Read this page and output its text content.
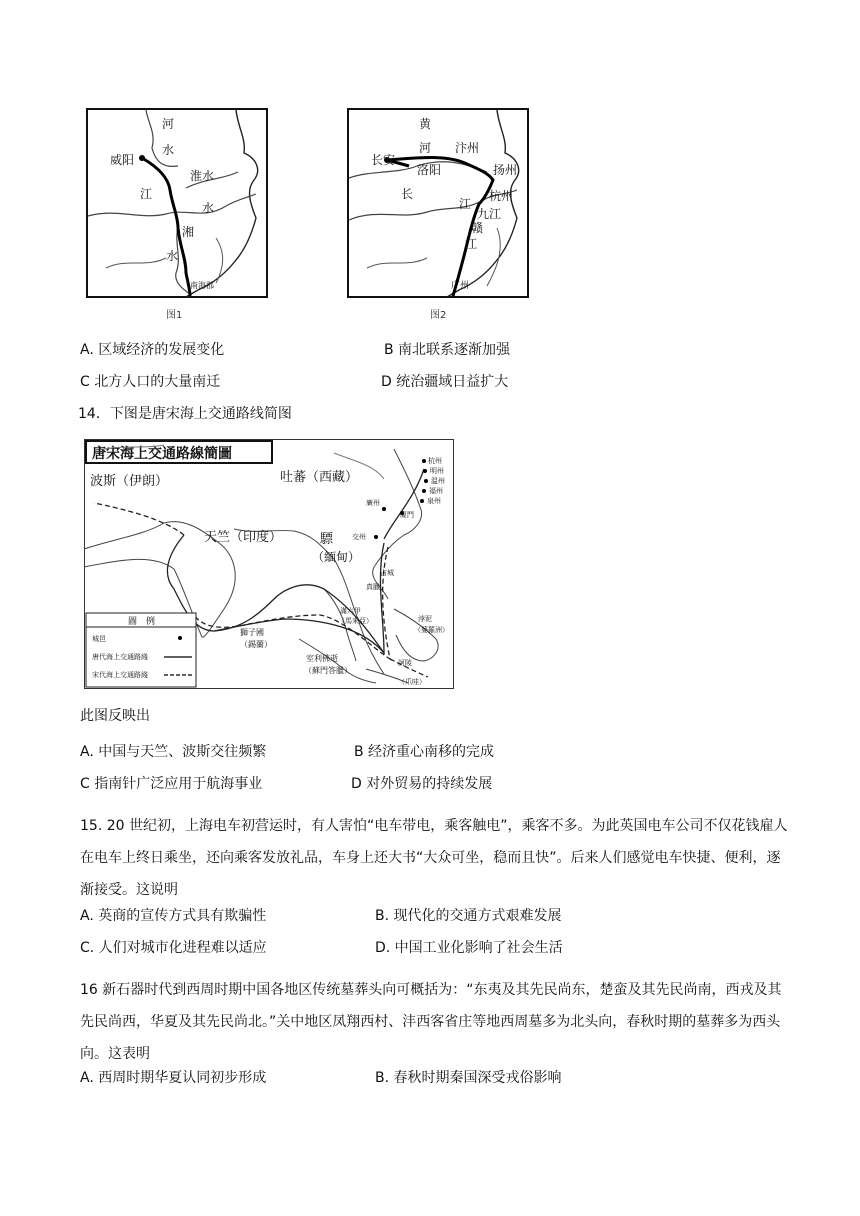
河
水
威阳
淮水
江
水
湘
水
南海郡
图1
黄
河
长安
洛阳
汴州
扬州
长	杭州
江
九江
赣
江
广州
图2
A. 区域经济的发展变化	B 南北联系逐渐加强
C 北方人口的大量南迁	D 统治疆域日益扩大
14．下图是唐宋海上交通路线简图
唐宋海上交通路線簡圖
波斯（伊朗）	吐蕃（西藏）
天竺（印度）	驃
（緬甸）
杭州
明州
温州
福州
泉州
廣州
交州
占城
真臘
廈門
獅子國
（錫蘭）
室利佛逝
（蘇門答臘）
滿六甲
（馬來亞）	浡泥
（婆羅洲）
訶陵
（爪哇）
圖　例
城邑
唐代海上交通路綫
宋代海上交通路綫
此图反映出
A. 中国与天竺、波斯交往频繁	B 经济重心南移的完成
C 指南针广泛应用于航海事业	D 对外贸易的持续发展
15. 20 世纪初，上海电车初营运时，有人害怕“电车带电，乘客触电”，乘客不多。为此英国电车公司不仅花钱雇人在电车上终日乘坐，还向乘客发放礼品，车身上还大书“大众可坐，稳而且快”。后来人们感觉电车快捷、便利，逐渐接受。这说明
A. 英商的宣传方式具有欺骗性	B. 现代化的交通方式艰难发展
C. 人们对城市化进程难以适应	D. 中国工业化影响了社会生活
16 新石器时代到西周时期中国各地区传统墓葬头向可概括为：“东夷及其先民尚东，楚蛮及其先民尚南，西戎及其先民尚西，华夏及其先民尚北。”关中地区凤翔西村、沣西客省庄等地西周墓多为北头向，春秋时期的墓葬多为西头向。这表明
A. 西周时期华夏认同初步形成	B. 春秋时期秦国深受戎俗影响
